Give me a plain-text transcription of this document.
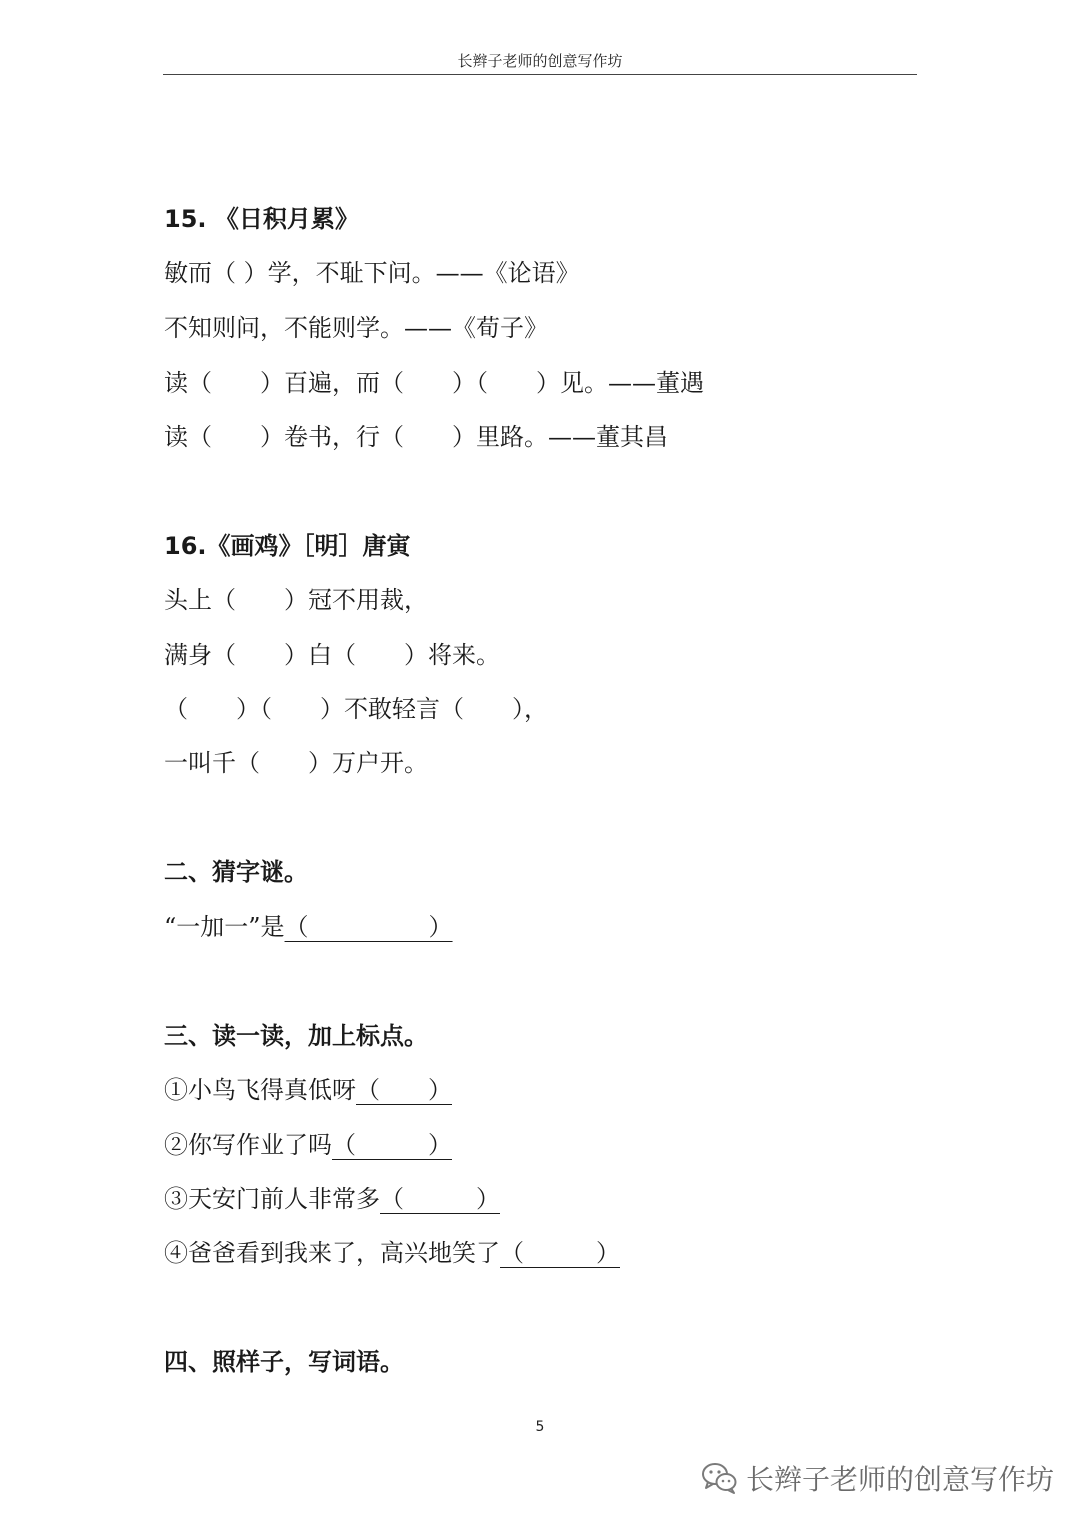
长辫子老师的创意写作坊
15. 《日积月累》
敏而（ ）学，不耻下问。——《论语》
不知则问，不能则学。——《荀子》
读（　　）百遍，而（　　）（　　）见。——董遇
读（　　）卷书，行（　　）里路。——董其昌
16.《画鸡》［明］唐寅
头上（　　）冠不用裁，
满身（　　）白（　　）将来。
（　　）（　　）不敢轻言（　　），
一叫千（　　）万户开。
二、猜字谜。
“一加一”是（　　　　　）
三、读一读，加上标点。
①小鸟飞得真低呀（　　）
②你写作业了吗（　　　）
③天安门前人非常多（　　　）
④爸爸看到我来了，高兴地笑了（　　　）
四、照样子，写词语。
5
长辫子老师的创意写作坊
